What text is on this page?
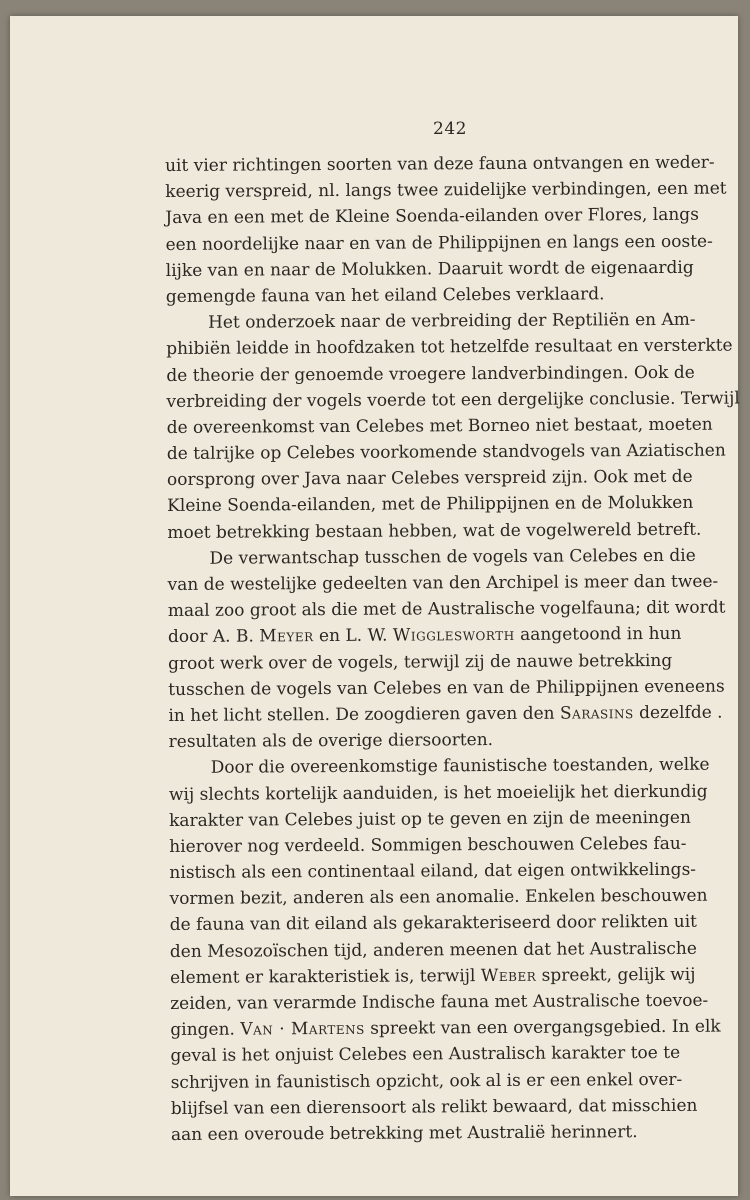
242
uit vier richtingen soorten van deze fauna ontvangen en weder-
keerig verspreid, nl. langs twee zuidelijke verbindingen, een met
Java en een met de Kleine Soenda-eilanden over Flores, langs
een noordelijke naar en van de Philippijnen en langs een ooste-
lijke van en naar de Molukken. Daaruit wordt de eigenaardig
gemengde fauna van het eiland Celebes verklaard.
Het onderzoek naar de verbreiding der Reptiliën en Am-
phibiën leidde in hoofdzaken tot hetzelfde resultaat en versterkte
de theorie der genoemde vroegere landverbindingen. Ook de
verbreiding der vogels voerde tot een dergelijke conclusie. Terwijl
de overeenkomst van Celebes met Borneo niet bestaat, moeten
de talrijke op Celebes voorkomende standvogels van Aziatischen
oorsprong over Java naar Celebes verspreid zijn. Ook met de
Kleine Soenda-eilanden, met de Philippijnen en de Molukken
moet betrekking bestaan hebben, wat de vogelwereld betreft.
De verwantschap tusschen de vogels van Celebes en die
van de westelijke gedeelten van den Archipel is meer dan twee-
maal zoo groot als die met de Australische vogelfauna; dit wordt
door A. B. Meyer en L. W. Wigglesworth aangetoond in hun
groot werk over de vogels, terwijl zij de nauwe betrekking
tusschen de vogels van Celebes en van de Philippijnen eveneens
in het licht stellen. De zoogdieren gaven den Sarasins dezelfde .
resultaten als de overige diersoorten.
Door die overeenkomstige faunistische toestanden, welke
wij slechts kortelijk aanduiden, is het moeielijk het dierkundig
karakter van Celebes juist op te geven en zijn de meeningen
hierover nog verdeeld. Sommigen beschouwen Celebes fau-
nistisch als een continentaal eiland, dat eigen ontwikkelings-
vormen bezit, anderen als een anomalie. Enkelen beschouwen
de fauna van dit eiland als gekarakteriseerd door relikten uit
den Mesozoïschen tijd, anderen meenen dat het Australische
element er karakteristiek is, terwijl Weber spreekt, gelijk wij
zeiden, van verarmde Indische fauna met Australische toevoe-
gingen. Van · Martens spreekt van een overgangsgebied. In elk
geval is het onjuist Celebes een Australisch karakter toe te
schrijven in faunistisch opzicht, ook al is er een enkel over-
blijfsel van een dierensoort als relikt bewaard, dat misschien
aan een overoude betrekking met Australië herinnert.
